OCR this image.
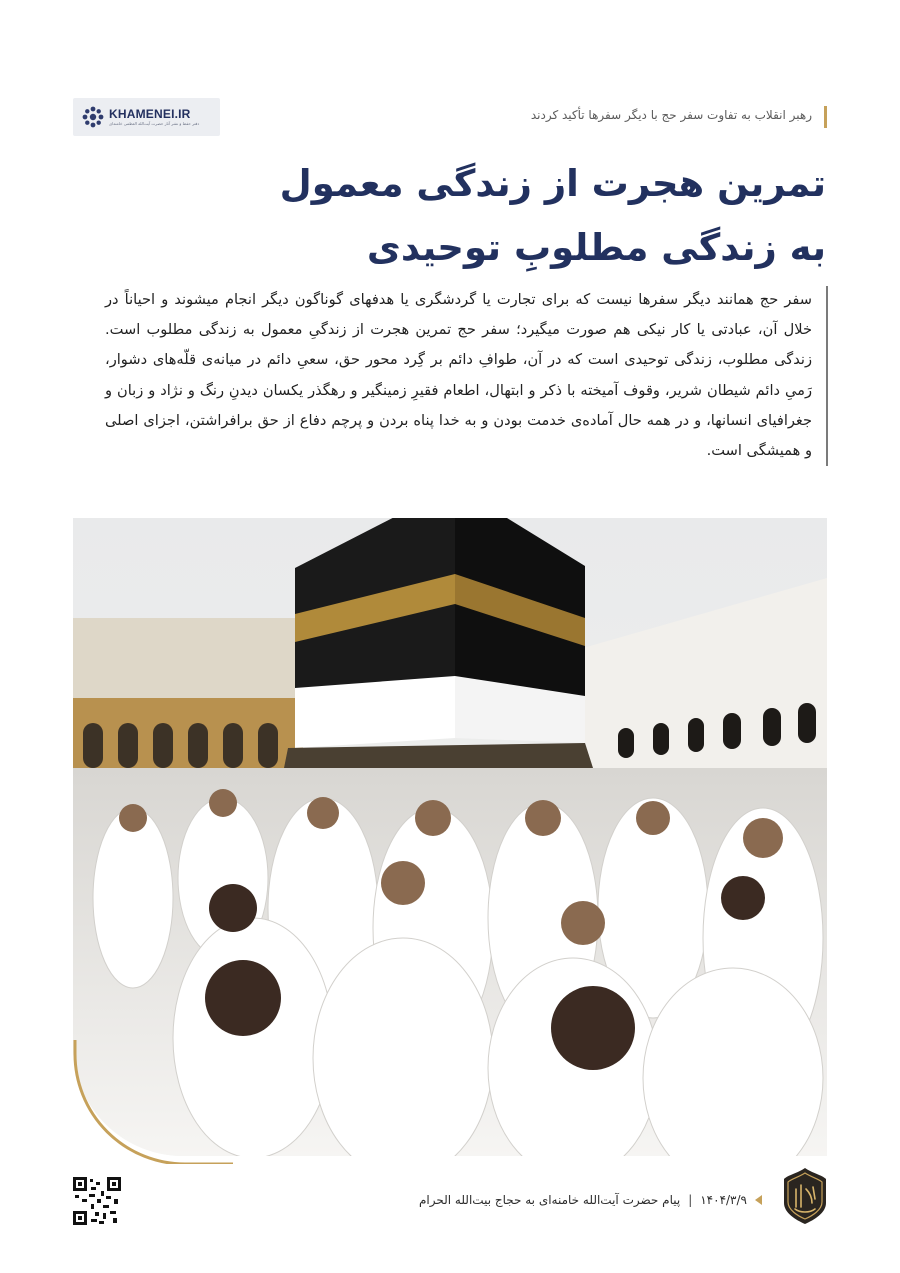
KHAMENEI.IR
دفتر حفظ و نشر آثار حضرت آیت‌الله العظمی خامنه‌ای
رهبر انقلاب به تفاوت سفر حج با دیگر سفرها تأکید کردند
تمرین هجرت از زندگی معمول
به زندگی مطلوبِ توحیدی

سفر حج همانند دیگر سفرها نیست که برای تجارت یا گردشگری یا هدفهای گوناگون دیگر انجام میشوند و احیاناً در خلال آن، عبادتی یا کار نیکی هم صورت میگیرد؛ سفر حج تمرین هجرت از زندگیِ معمول به زندگی مطلوب است. زندگی مطلوب، زندگی توحیدی است که در آن، طوافِ دائم بر گِرد محور حق، سعیِ دائم در میانه‌ی قلّه‌های دشوار، رَمیِ دائم شیطان شریر، وقوف آمیخته با ذکر و ابتهال، اطعام فقیرِ زمینگیر و رهگذر یکسان دیدنِ رنگ و نژاد و زبان و جغرافیای انسانها، و در همه حال آماده‌ی خدمت بودن و به خدا پناه بردن و پرچم دفاع از حق برافراشتن، اجزای اصلی و همیشگی است.

۱۴۰۴/۳/۹
|
پیام حضرت آیت‌الله خامنه‌ای به حجاج بیت‌الله الحرام
